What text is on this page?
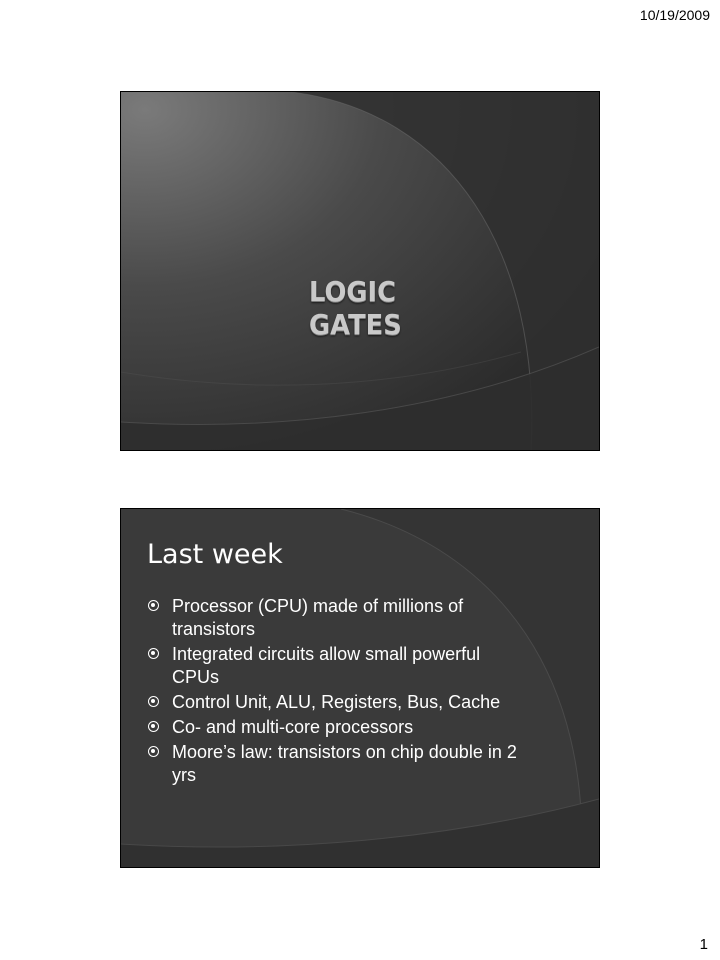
10/19/2009
LOGIC GATES
Last week
Processor (CPU) made of millions of transistors
Integrated circuits allow small powerful CPUs
Control Unit, ALU, Registers, Bus, Cache
Co- and multi-core processors
Moore’s law: transistors on chip double in 2 yrs
1
